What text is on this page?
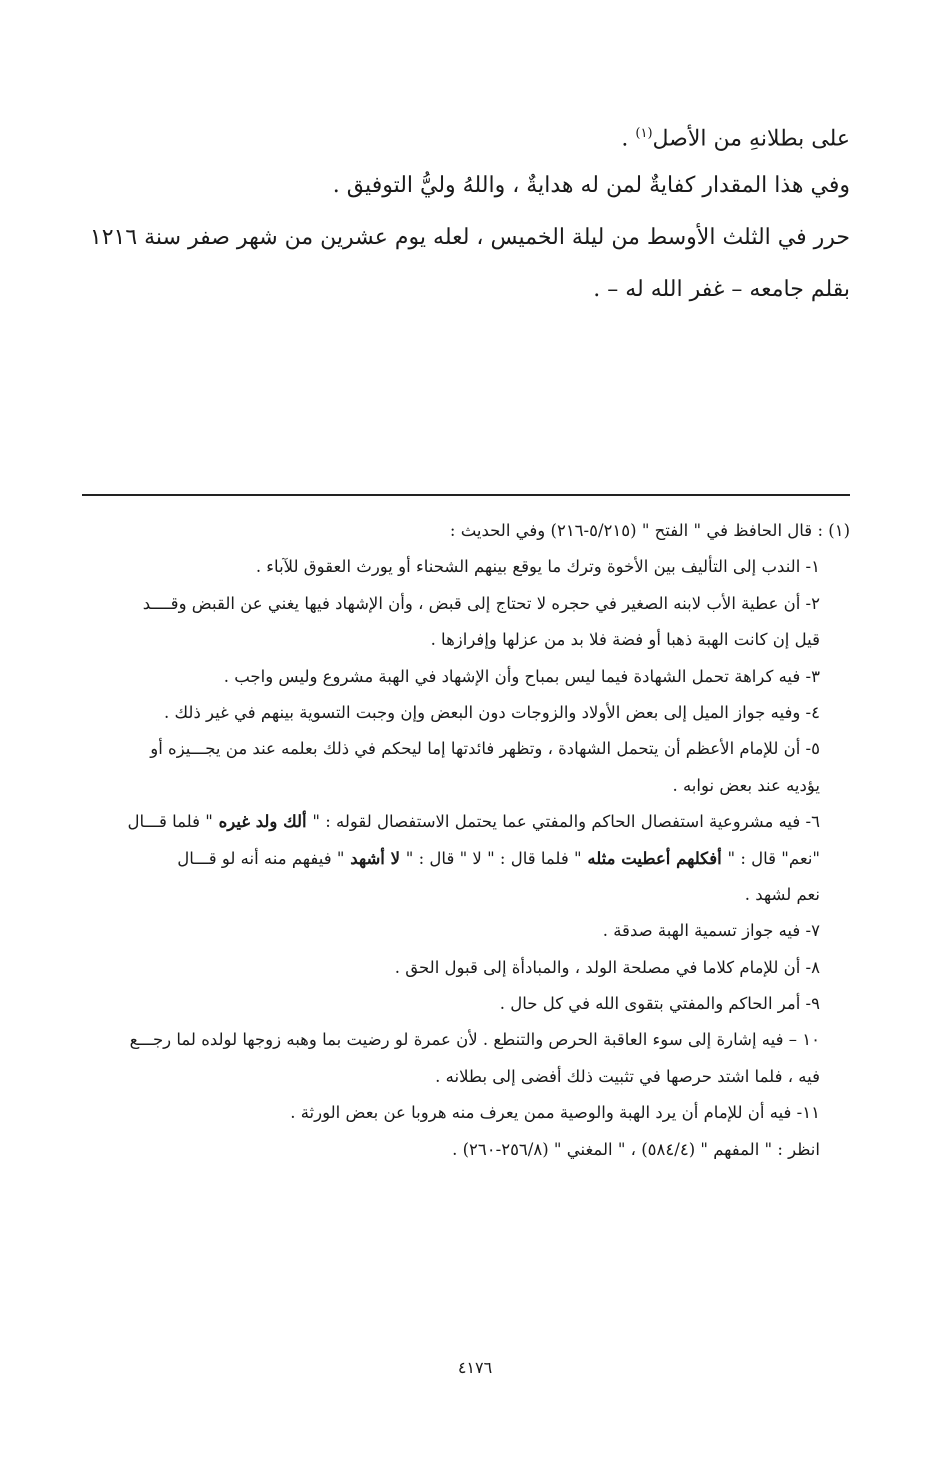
على بطلانهِ من الأصل$^{(١)}$ .
وفي هذا المقدار كفايةٌ لمن له هدايةٌ ، واللهُ وليُّ التوفيق .
حرر في الثلث الأوسط من ليلة الخميس ، لعله يوم عشرين من شهر صفر سنة ١٢١٦
بقلم جامعه – غفر الله له – .
(١) : قال الحافظ في " الفتح " (٥/٢١٥-٢١٦) وفي الحديث :
١- الندب إلى التأليف بين الأخوة وترك ما يوقع بينهم الشحناء أو يورث العقوق للآباء .
٢- أن عطية الأب لابنه الصغير في حجره لا تحتاج إلى قبض ، وأن الإشهاد فيها يغني عن القبض وقــــد
قيل إن كانت الهبة ذهبا أو فضة فلا بد من عزلها وإفرازها .
٣- فيه كراهة تحمل الشهادة فيما ليس بمباح وأن الإشهاد في الهبة مشروع وليس واجب .
٤- وفيه جواز الميل إلى بعض الأولاد والزوجات دون البعض وإن وجبت التسوية بينهم في غير ذلك .
٥- أن للإمام الأعظم أن يتحمل الشهادة ، وتظهر فائدتها إما ليحكم في ذلك بعلمه عند من يجـــيزه أو
يؤديه عند بعض نوابه .
٦- فيه مشروعية استفصال الحاكم والمفتي عما يحتمل الاستفصال لقوله : " ألك ولد غيره " فلما قـــال
"نعم" قال : " أفكلهم أعطيت مثله " فلما قال : " لا " قال : " لا أشهد " فيفهم منه أنه لو قـــال
نعم لشهد .
٧- فيه جواز تسمية الهبة صدقة .
٨- أن للإمام كلاما في مصلحة الولد ، والمبادأة إلى قبول الحق .
٩- أمر الحاكم والمفتي بتقوى الله في كل حال .
١٠ – فيه إشارة إلى سوء العاقبة الحرص والتنطع . لأن عمرة لو رضيت بما وهبه زوجها لولده لما رجـــع
فيه ، فلما اشتد حرصها في تثبيت ذلك أفضى إلى بطلانه .
١١- فيه أن للإمام أن يرد الهبة والوصية ممن يعرف منه هروبا عن بعض الورثة .
انظر : " المفهم " (٥٨٤/٤) ، " المغني " (٢٥٦/٨-٢٦٠) .
٤١٧٦
